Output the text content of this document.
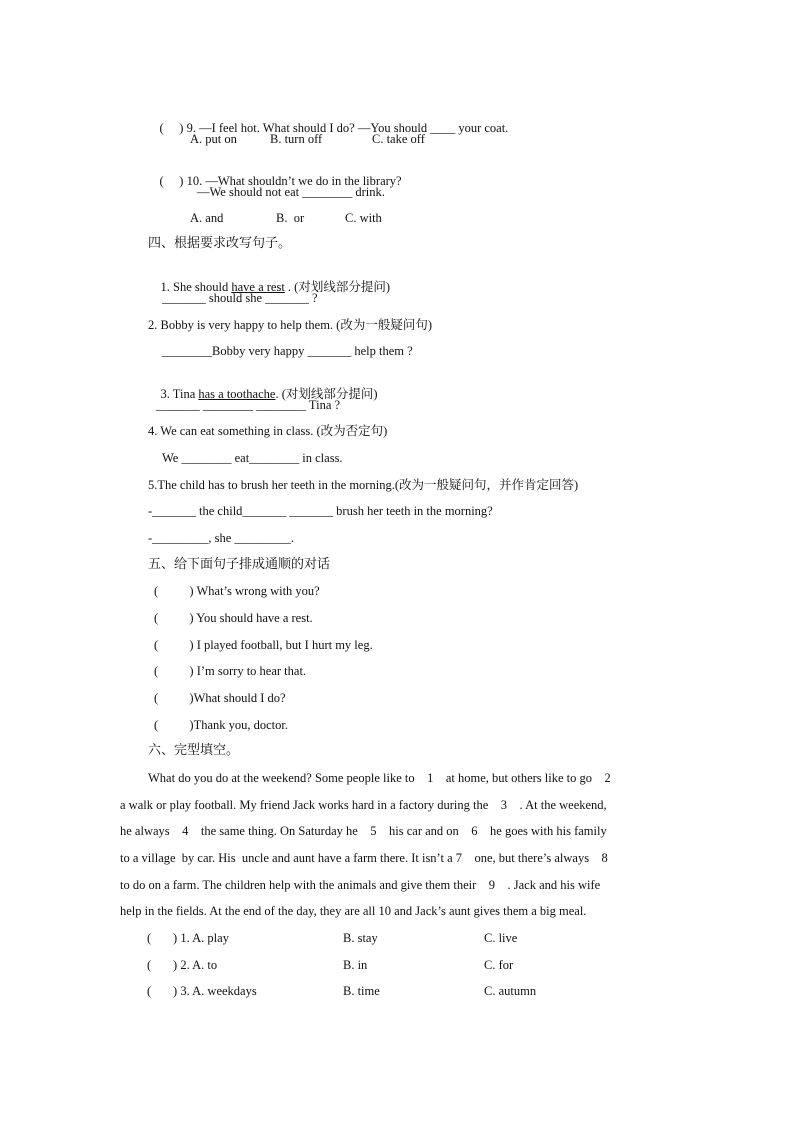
(     ) 9. —I feel hot. What should I do? —You should ____ your coat.

A. put on	B. turn off	C. take off

(     ) 10. —What shouldn’t we do in the library?

—We should not eat ________ drink.
A. and	B.  or	C. with
四、根据要求改写句子。

1. She should have a rest . (对划线部分提问)

_______ should she _______ ?
2. Bobby is very happy to help them. (改为一般疑问句)
________Bobby very happy _______ help them ?

3. Tina has a toothache. (对划线部分提问)

_______ ________ ________ Tina ?
4. We can eat something in class. (改为否定句)
We ________ eat________ in class.
5.The child has to brush her teeth in the morning.(改为一般疑问句，并作肯定回答)
-_______ the child_______ _______ brush her teeth in the morning?
-_________, she _________.
五、给下面句子排成通顺的对话
(          ) What’s wrong with you?
(          ) You should have a rest.
(          ) I played football, but I hurt my leg.
(          ) I’m sorry to hear that.
(          )What should I do?
(          )Thank you, doctor.
六、完型填空。
What do you do at the weekend? Some people like to    1    at home, but others like to go    2
a walk or play football. My friend Jack works hard in a factory during the    3    . At the weekend,
he always    4    the same thing. On Saturday he    5    his car and on    6    he goes with his family
to a village  by car. His  uncle and aunt have a farm there. It isn’t a 7    one, but there’s always    8
to do on a farm. The children help with the animals and give them their    9    . Jack and his wife
help in the fields. At the end of the day, they are all 10 and Jack’s aunt gives them a big meal.
(       ) 1. A. play	B. stay	C. live
(       ) 2. A. to	B. in	C. for
(       ) 3. A. weekdays	B. time	C. autumn
